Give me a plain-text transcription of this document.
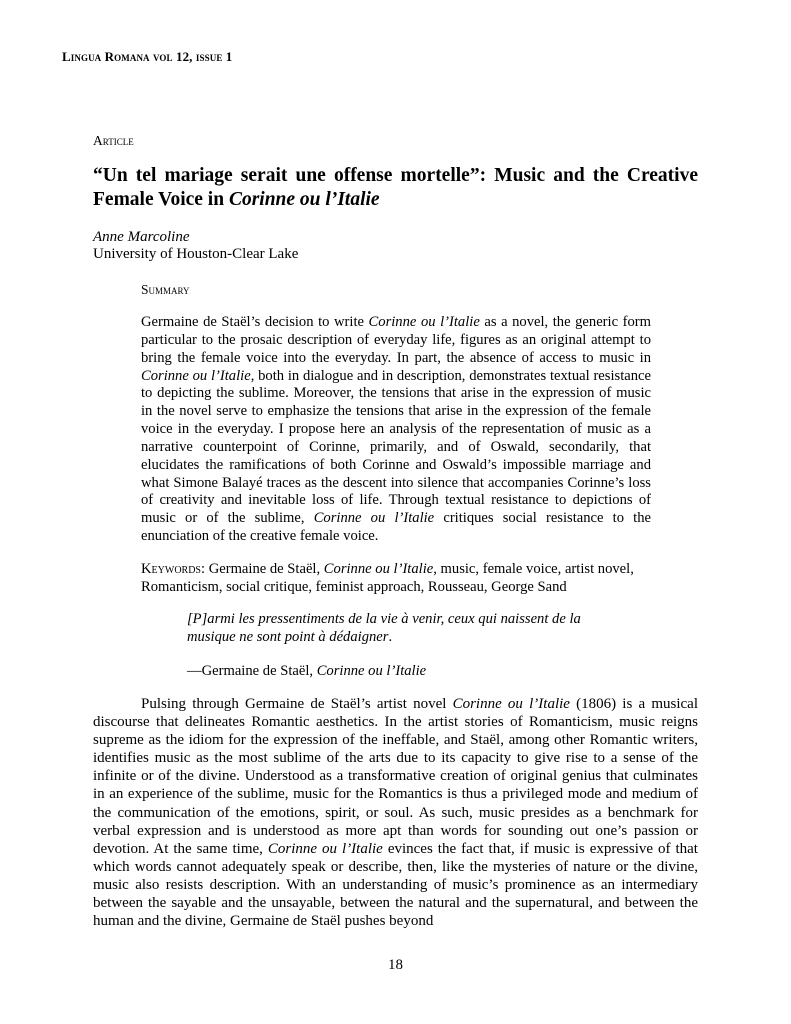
Lingua Romana vol 12, issue 1
Article
“Un tel mariage serait une offense mortelle”: Music and the Creative Female Voice in Corinne ou l’Italie
Anne Marcoline
University of Houston-Clear Lake
Summary
Germaine de Staël’s decision to write Corinne ou l’Italie as a novel, the generic form particular to the prosaic description of everyday life, figures as an original attempt to bring the female voice into the everyday. In part, the absence of access to music in Corinne ou l’Italie, both in dialogue and in description, demonstrates textual resistance to depicting the sublime. Moreover, the tensions that arise in the expression of music in the novel serve to emphasize the tensions that arise in the expression of the female voice in the everyday. I propose here an analysis of the representation of music as a narrative counterpoint of Corinne, primarily, and of Oswald, secondarily, that elucidates the ramifications of both Corinne and Oswald’s impossible marriage and what Simone Balayé traces as the descent into silence that accompanies Corinne’s loss of creativity and inevitable loss of life. Through textual resistance to depictions of music or of the sublime, Corinne ou l’Italie critiques social resistance to the enunciation of the creative female voice.
Keywords: Germaine de Staël, Corinne ou l’Italie, music, female voice, artist novel, Romanticism, social critique, feminist approach, Rousseau, George Sand
[P]armi les pressentiments de la vie à venir, ceux qui naissent de la musique ne sont point à dédaigner.
—Germaine de Staël, Corinne ou l’Italie
Pulsing through Germaine de Staël’s artist novel Corinne ou l’Italie (1806) is a musical discourse that delineates Romantic aesthetics. In the artist stories of Romanticism, music reigns supreme as the idiom for the expression of the ineffable, and Staël, among other Romantic writers, identifies music as the most sublime of the arts due to its capacity to give rise to a sense of the infinite or of the divine. Understood as a transformative creation of original genius that culminates in an experience of the sublime, music for the Romantics is thus a privileged mode and medium of the communication of the emotions, spirit, or soul. As such, music presides as a benchmark for verbal expression and is understood as more apt than words for sounding out one’s passion or devotion. At the same time, Corinne ou l’Italie evinces the fact that, if music is expressive of that which words cannot adequately speak or describe, then, like the mysteries of nature or the divine, music also resists description. With an understanding of music’s prominence as an intermediary between the sayable and the unsayable, between the natural and the supernatural, and between the human and the divine, Germaine de Staël pushes beyond
18
